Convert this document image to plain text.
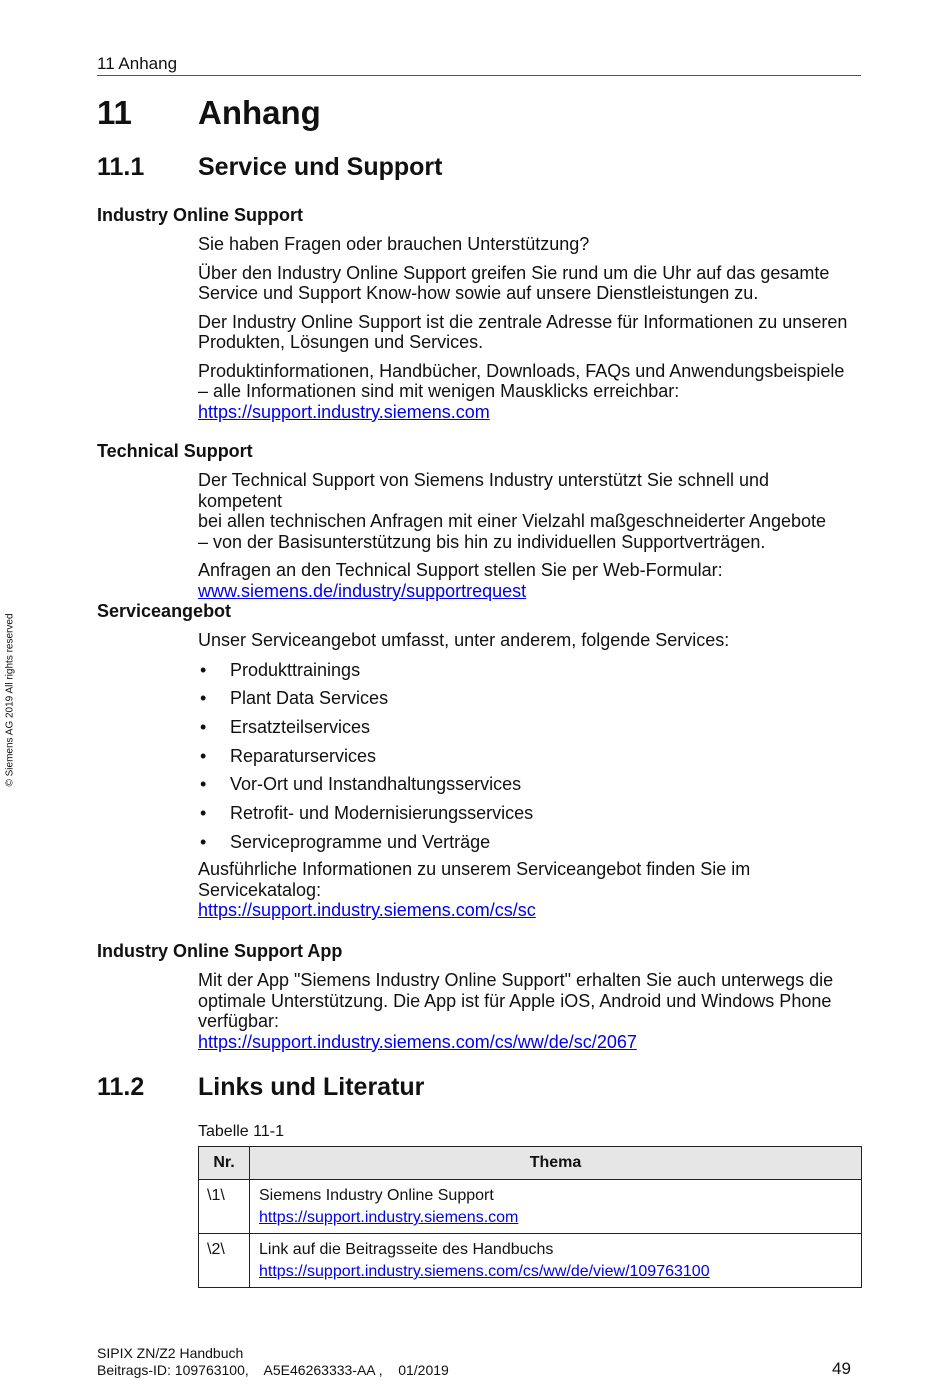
11 Anhang
© Siemens AG 2019 All rights reserved
11 Anhang
11.1 Service und Support
Industry Online Support

Sie haben Fragen oder brauchen Unterstützung?

Über den Industry Online Support greifen Sie rund um die Uhr auf das gesamte
Service und Support Know-how sowie auf unsere Dienstleistungen zu.

Der Industry Online Support ist die zentrale Adresse für Informationen zu unseren
Produkten, Lösungen und Services.

Produktinformationen, Handbücher, Downloads, FAQs und Anwendungsbeispiele
– alle Informationen sind mit wenigen Mausklicks erreichbar:
https://support.industry.siemens.com

Technical Support

Der Technical Support von Siemens Industry unterstützt Sie schnell und kompetent
bei allen technischen Anfragen mit einer Vielzahl maßgeschneiderter Angebote
– von der Basisunterstützung bis hin zu individuellen Supportverträgen.

Anfragen an den Technical Support stellen Sie per Web-Formular:
www.siemens.de/industry/supportrequest

Serviceangebot

Unser Serviceangebot umfasst, unter anderem, folgende Services:

• Produkttrainings
• Plant Data Services
• Ersatzteilservices
• Reparaturservices
• Vor-Ort und Instandhaltungsservices
• Retrofit- und Modernisierungsservices
• Serviceprogramme und Verträge

Ausführliche Informationen zu unserem Serviceangebot finden Sie im
Servicekatalog:
https://support.industry.siemens.com/cs/sc

Industry Online Support App

Mit der App "Siemens Industry Online Support" erhalten Sie auch unterwegs die
optimale Unterstützung. Die App ist für Apple iOS, Android und Windows Phone
verfügbar:
https://support.industry.siemens.com/cs/ww/de/sc/2067

11.2 Links und Literatur
Tabelle 11-1
Nr.	Thema
\1\	Siemens Industry Online Support
https://support.industry.siemens.com
\2\	Link auf die Beitragsseite des Handbuchs
https://support.industry.siemens.com/cs/ww/de/view/109763100
SIPIX ZN/Z2 Handbuch
Beitrags-ID: 109763100,    A5E46263333-AA ,    01/2019	49
